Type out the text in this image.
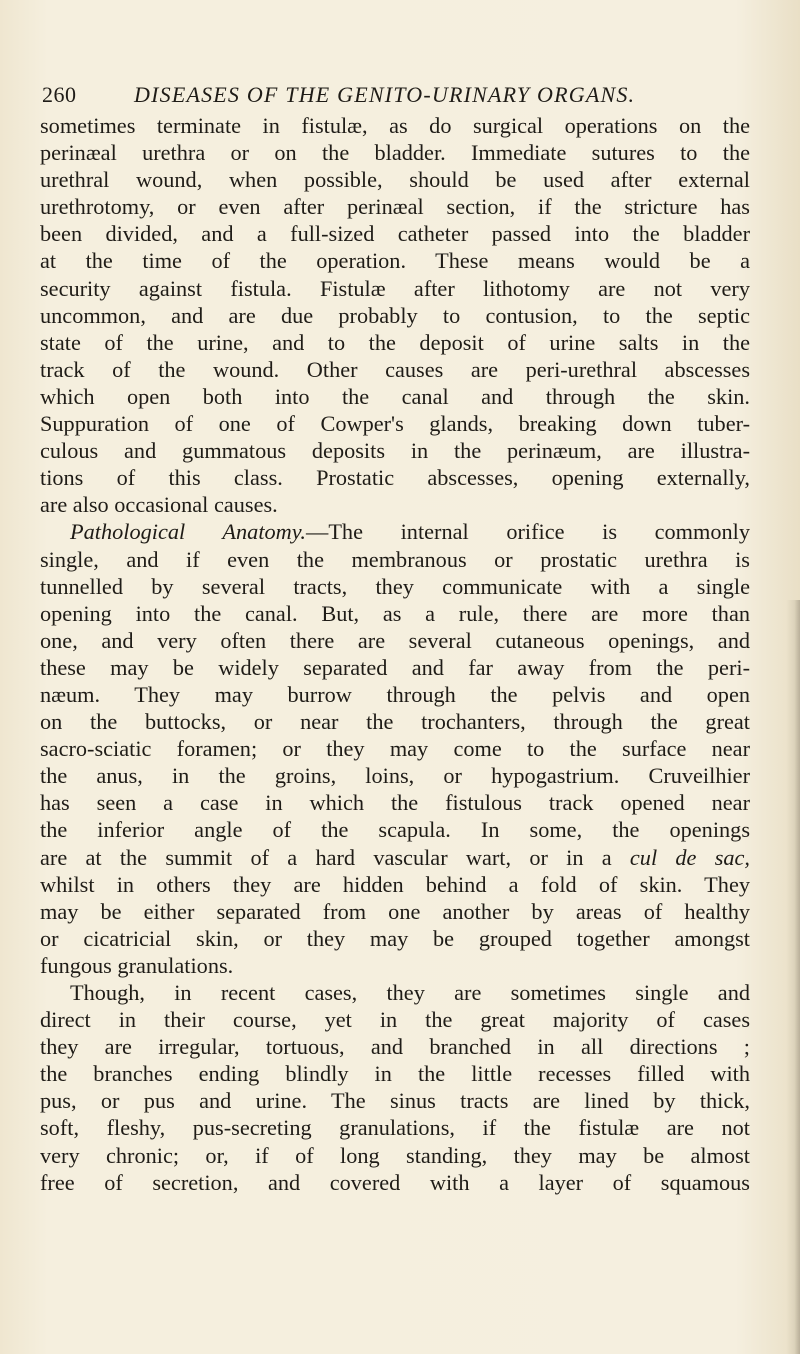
260	DISEASES OF THE GENITO-URINARY ORGANS.
sometimes terminate in fistulæ, as do surgical operations on the
perinæal urethra or on the bladder. Immediate sutures to the
urethral wound, when possible, should be used after external
urethrotomy, or even after perinæal section, if the stricture has
been divided, and a full-sized catheter passed into the bladder
at the time of the operation. These means would be a
security against fistula. Fistulæ after lithotomy are not very
uncommon, and are due probably to contusion, to the septic
state of the urine, and to the deposit of urine salts in the
track of the wound. Other causes are peri-urethral abscesses
which open both into the canal and through the skin.
Suppuration of one of Cowper's glands, breaking down tuber-
culous and gummatous deposits in the perinæum, are illustra-
tions of this class. Prostatic abscesses, opening externally,
are also occasional causes.
Pathological Anatomy.—The internal orifice is commonly
single, and if even the membranous or prostatic urethra is
tunnelled by several tracts, they communicate with a single
opening into the canal. But, as a rule, there are more than
one, and very often there are several cutaneous openings, and
these may be widely separated and far away from the peri-
næum. They may burrow through the pelvis and open
on the buttocks, or near the trochanters, through the great
sacro-sciatic foramen; or they may come to the surface near
the anus, in the groins, loins, or hypogastrium. Cruveilhier
has seen a case in which the fistulous track opened near
the inferior angle of the scapula. In some, the openings
are at the summit of a hard vascular wart, or in a cul de sac,
whilst in others they are hidden behind a fold of skin. They
may be either separated from one another by areas of healthy
or cicatricial skin, or they may be grouped together amongst
fungous granulations.
Though, in recent cases, they are sometimes single and
direct in their course, yet in the great majority of cases
they are irregular, tortuous, and branched in all directions ;
the branches ending blindly in the little recesses filled with
pus, or pus and urine. The sinus tracts are lined by thick,
soft, fleshy, pus-secreting granulations, if the fistulæ are not
very chronic; or, if of long standing, they may be almost
free of secretion, and covered with a layer of squamous
